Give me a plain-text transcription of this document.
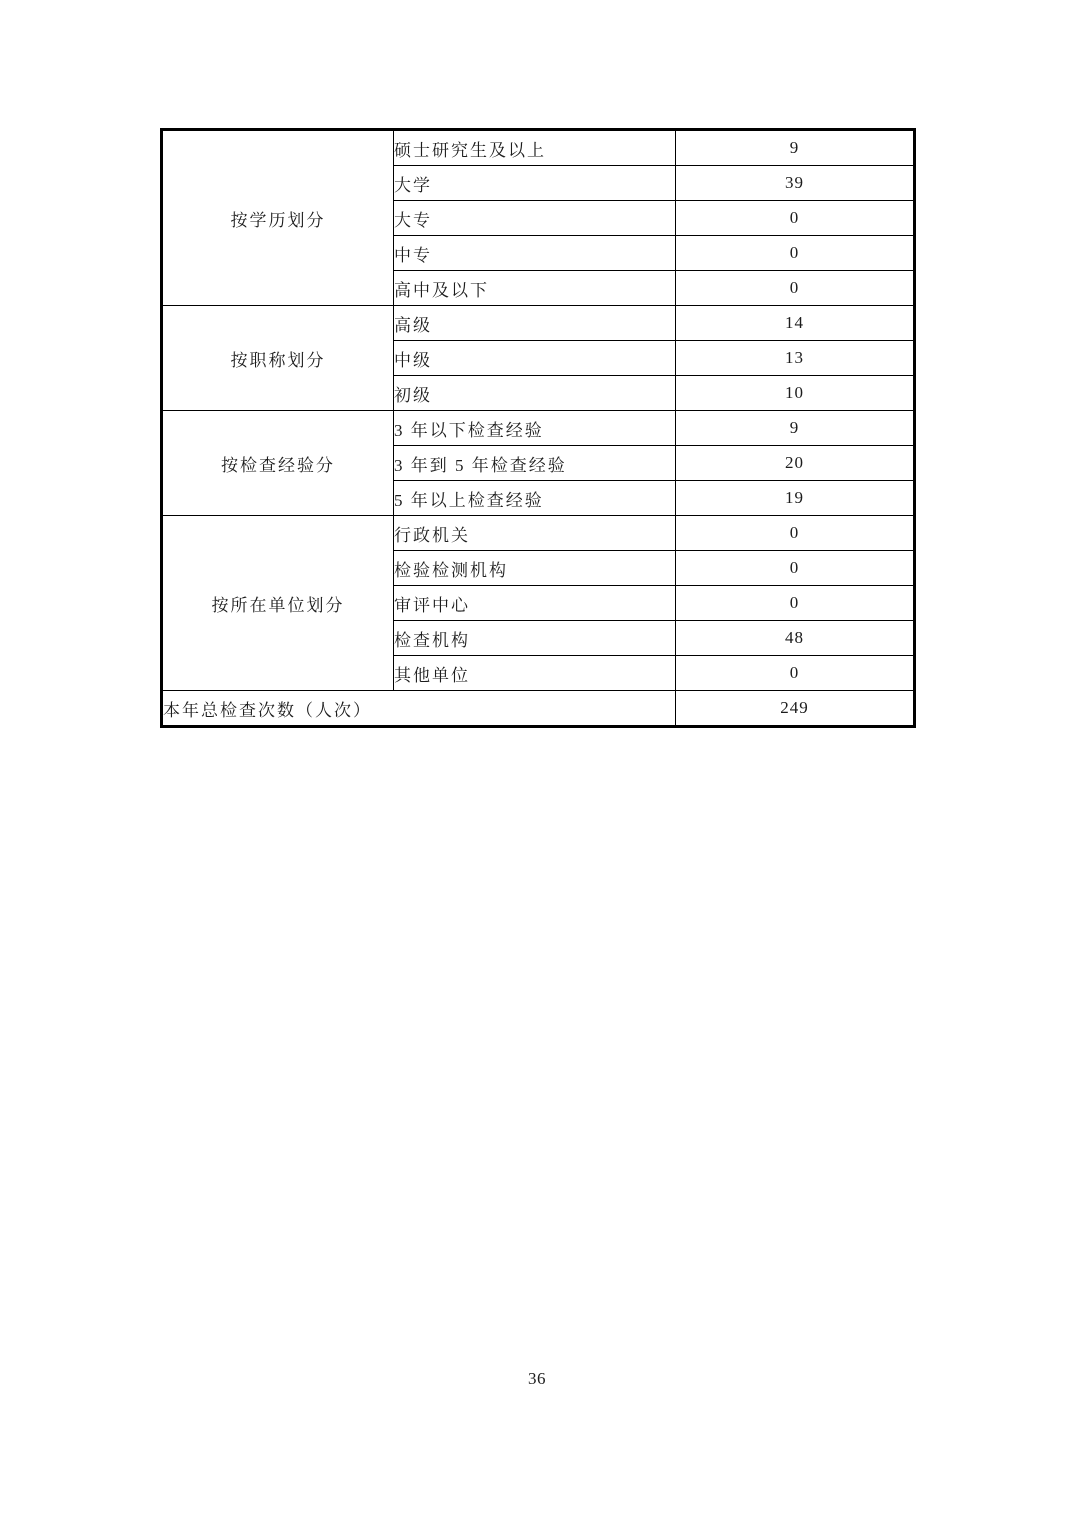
按学历划分	硕士研究生及以上	9
	大学	39
	大专	0
	中专	0
	高中及以下	0
按职称划分	高级	14
	中级	13
	初级	10
按检查经验分	3 年以下检查经验	9
	3 年到 5 年检查经验	20
	5 年以上检查经验	19
按所在单位划分	行政机关	0
	检验检测机构	0
	审评中心	0
	检查机构	48
	其他单位	0
本年总检查次数（人次）		249
36
